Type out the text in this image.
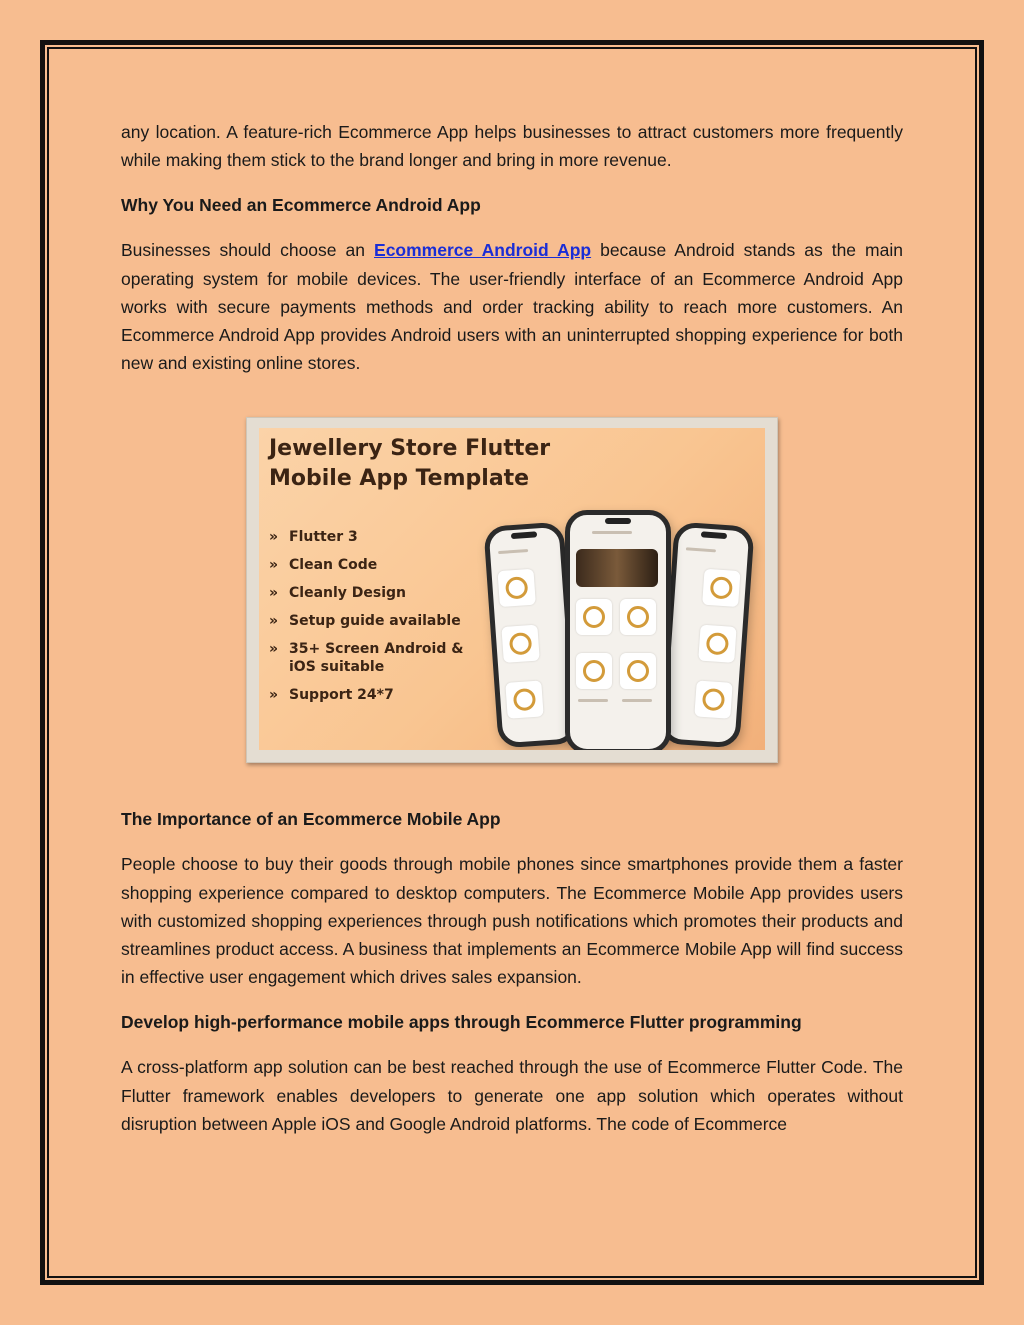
any location. A feature-rich Ecommerce App helps businesses to attract customers more frequently while making them stick to the brand longer and bring in more revenue.

Why You Need an Ecommerce Android App

Businesses should choose an Ecommerce Android App because Android stands as the main operating system for mobile devices. The user-friendly interface of an Ecommerce Android App works with secure payments methods and order tracking ability to reach more customers. An Ecommerce Android App provides Android users with an uninterrupted shopping experience for both new and existing online stores.

Jewellery Store Flutter
Mobile App Template
» Flutter 3
» Clean Code
» Cleanly Design
» Setup guide available
» 35+ Screen Android & iOS suitable
» Support 24*7
The Importance of an Ecommerce Mobile App

People choose to buy their goods through mobile phones since smartphones provide them a faster shopping experience compared to desktop computers. The Ecommerce Mobile App provides users with customized shopping experiences through push notifications which promotes their products and streamlines product access. A business that implements an Ecommerce Mobile App will find success in effective user engagement which drives sales expansion.

Develop high-performance mobile apps through Ecommerce Flutter programming

A cross-platform app solution can be best reached through the use of Ecommerce Flutter Code. The Flutter framework enables developers to generate one app solution which operates without disruption between Apple iOS and Google Android platforms. The code of Ecommerce
